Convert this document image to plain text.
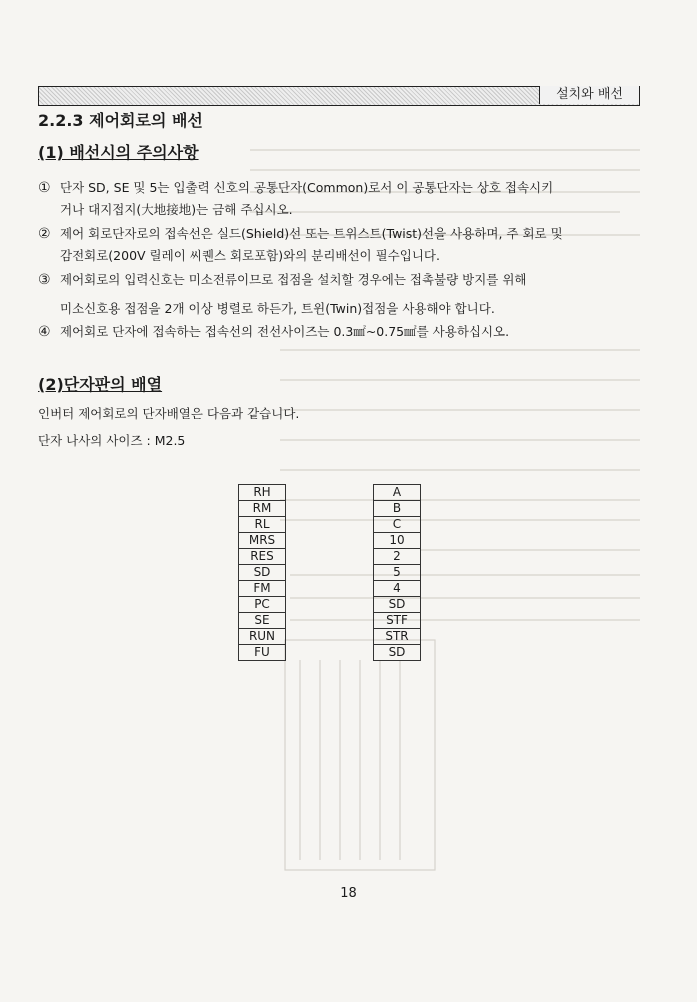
설치와 배선
2.2.3 제어회로의 배선
(1) 배선시의 주의사항
① 단자 SD, SE 및 5는 입출력 신호의 공통단자(Common)로서 이 공통단자는 상호 접속시키
거나 대지접지(大地接地)는 금해 주십시오.
② 제어 회로단자로의 접속선은 실드(Shield)선 또는 트위스트(Twist)선을 사용하며, 주 회로 및
감전회로(200V 릴레이 씨퀜스 회로포함)와의 분리배선이 필수입니다.
③ 제어회로의 입력신호는 미소전류이므로 접점을 설치할 경우에는 접촉불량 방지를 위해
미소신호용 접점을 2개 이상 병렬로 하든가, 트윈(Twin)접점을 사용해야 합니다.
④ 제어회로 단자에 접속하는 접속선의 전선사이즈는 0.3㎟~0.75㎟를 사용하십시오.
(2)단자판의 배열
인버터 제어회로의 단자배열은 다음과 같습니다.
단자 나사의 사이즈 : M2.5
RH
RM
RL
MRS
RES
SD
FM
PC
SE
RUN
FU
A
B
C
10
2
5
4
SD
STF
STR
SD
18
